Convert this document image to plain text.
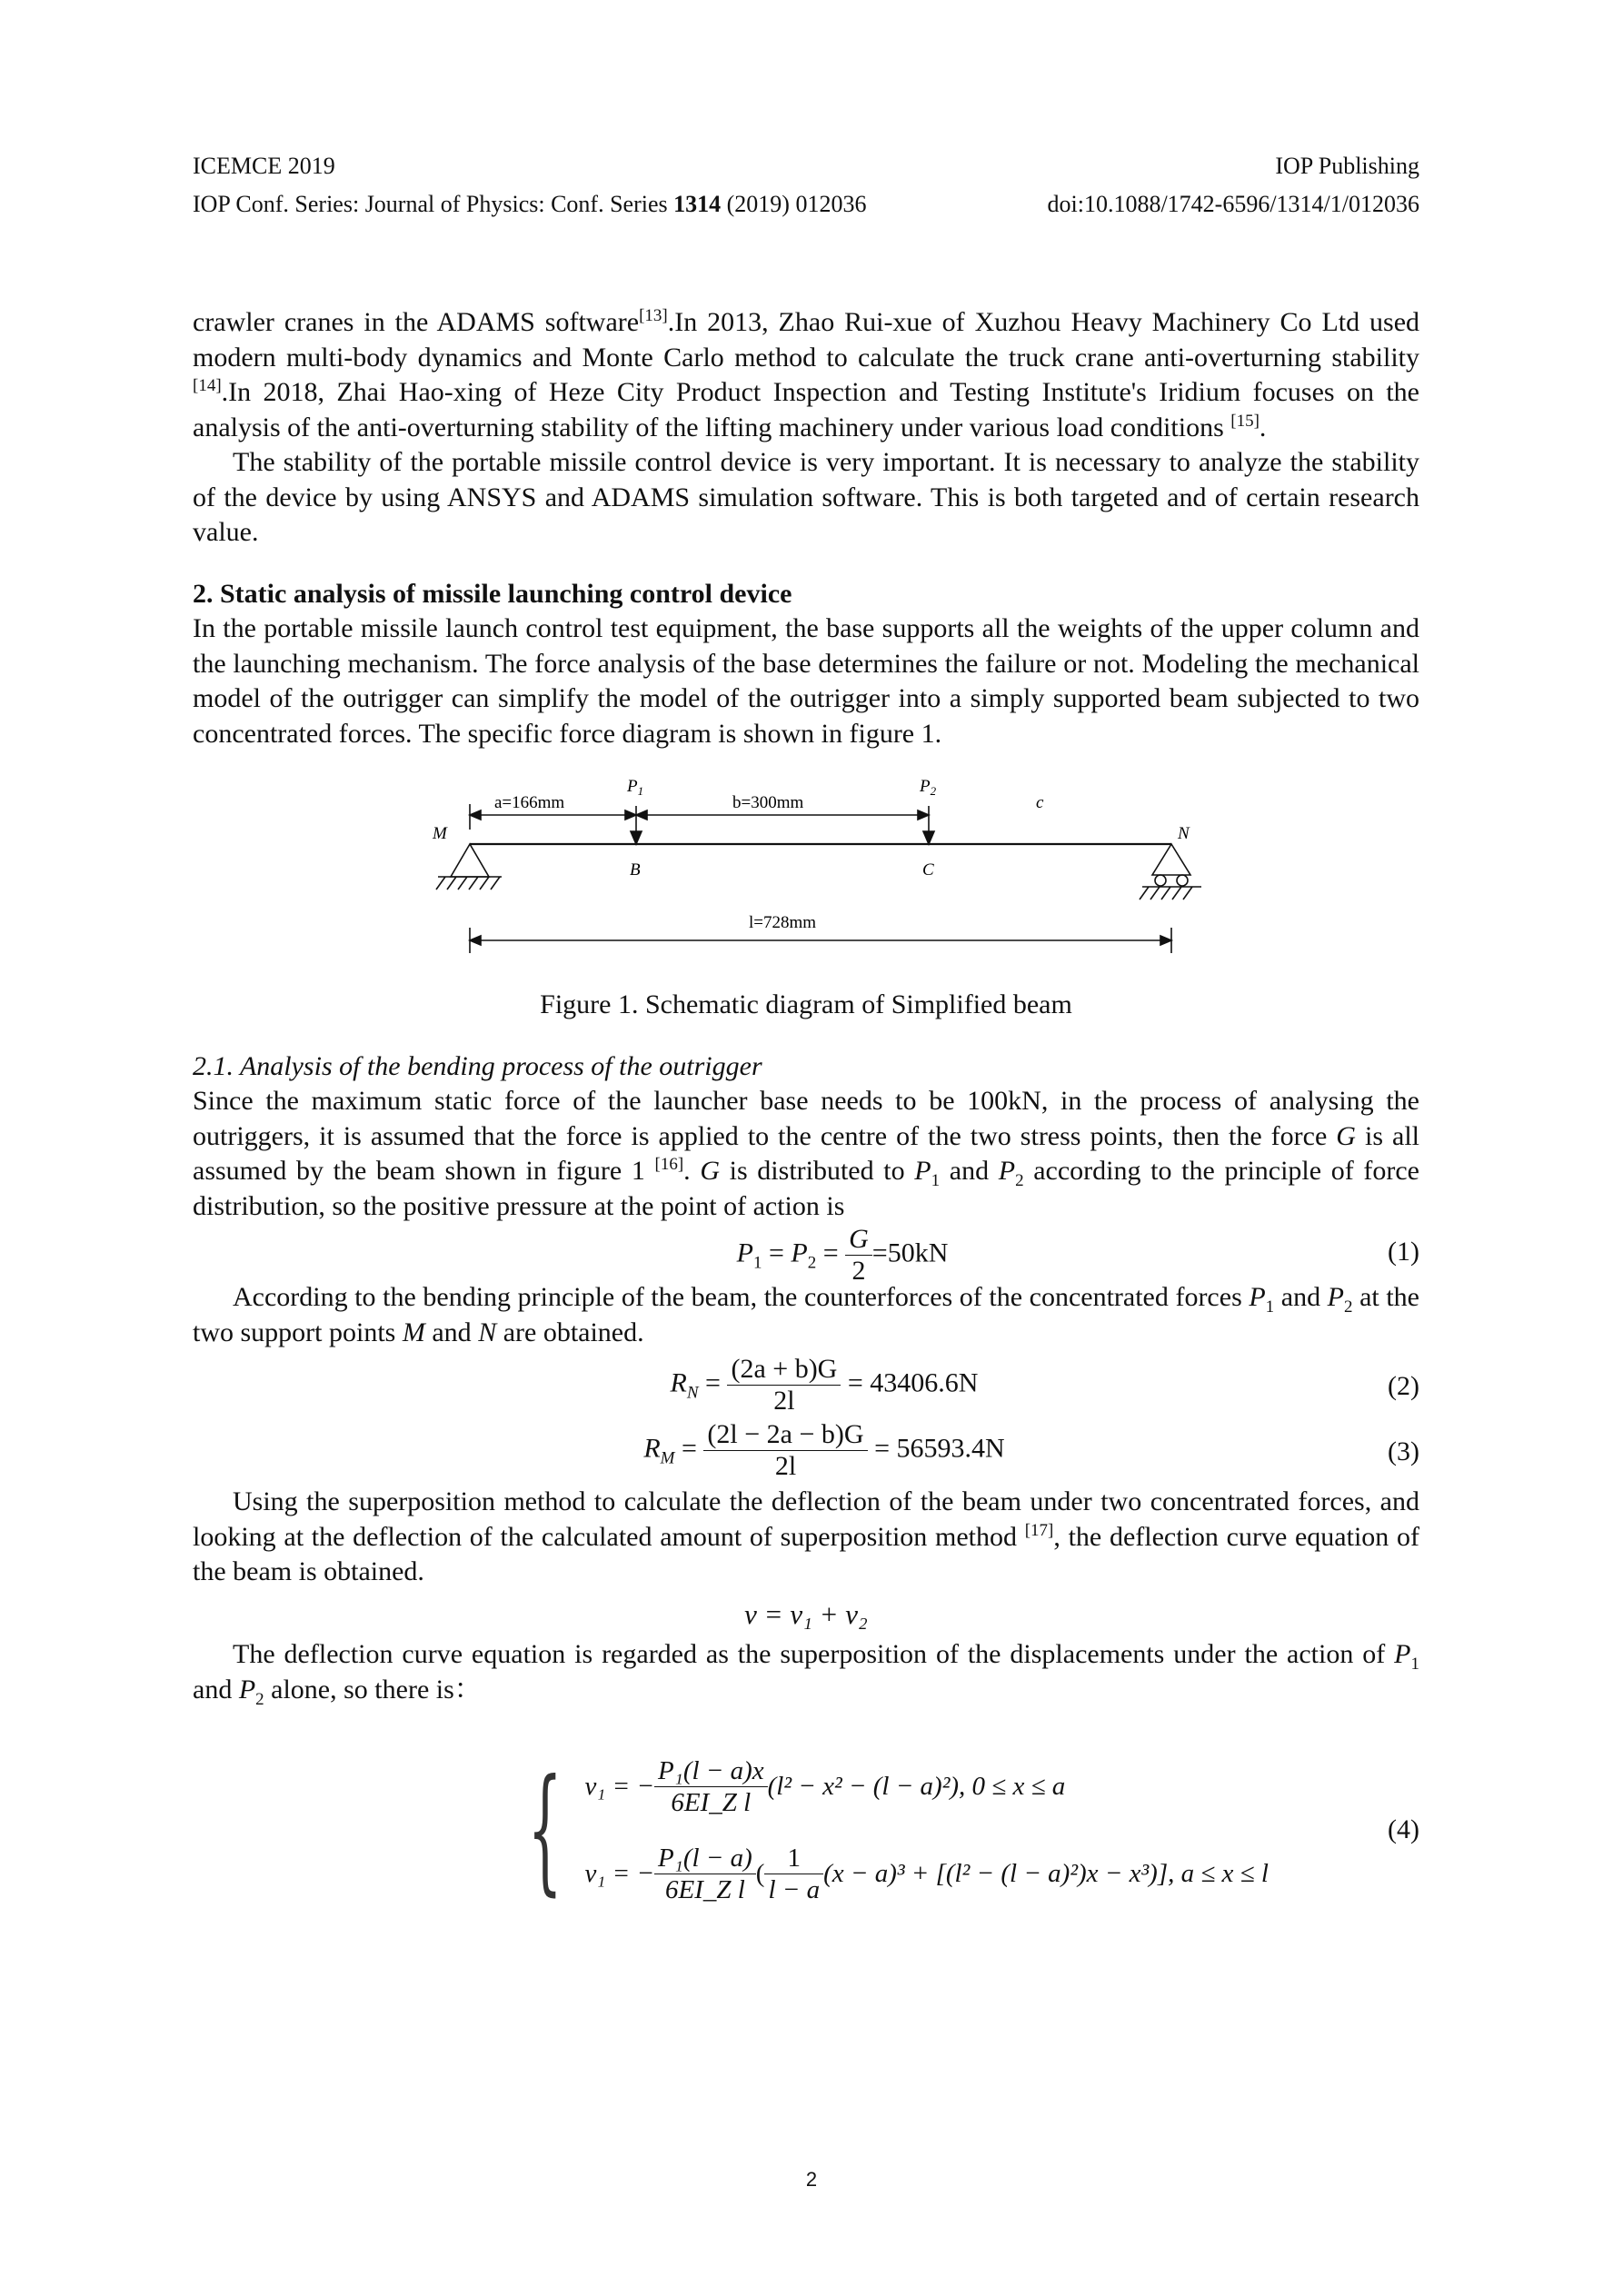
ICEMCE 2019	IOP Publishing
IOP Conf. Series: Journal of Physics: Conf. Series 1314 (2019) 012036	doi:10.1088/1742-6596/1314/1/012036

crawler cranes in the ADAMS software[13].In 2013, Zhao Rui-xue of Xuzhou Heavy Machinery Co Ltd used modern multi-body dynamics and Monte Carlo method to calculate the truck crane anti-overturning stability [14].In 2018, Zhai Hao-xing of Heze City Product Inspection and Testing Institute's Iridium focuses on the analysis of the anti-overturning stability of the lifting machinery under various load conditions [15].

The stability of the portable missile control device is very important. It is necessary to analyze the stability of the device by using ANSYS and ADAMS simulation software. This is both targeted and of certain research value.

2. Static analysis of missile launching control device

In the portable missile launch control test equipment, the base supports all the weights of the upper column and the launching mechanism. The force analysis of the base determines the failure or not. Modeling the mechanical model of the outrigger can simplify the model of the outrigger into a simply supported beam subjected to two concentrated forces. The specific force diagram is shown in figure 1.

a=166mm	b=300mm	c
$P_1$	$P_2$
M	N
B	C
l=728mm

Figure 1. Schematic diagram of Simplified beam

2.1. Analysis of the bending process of the outrigger

Since the maximum static force of the launcher base needs to be 100kN, in the process of analysing the outriggers, it is assumed that the force is applied to the centre of the two stress points, then the force G is all assumed by the beam shown in figure 1 [16]. G is distributed to $P_1$ and $P_2$ according to the principle of force distribution, so the positive pressure at the point of action is

$P_1 = P_2 = \frac{G}{2} =50kN$	(1)

According to the bending principle of the beam, the counterforces of the concentrated forces $P_1$ and $P_2$ at the two support points M and N are obtained.

$R_N = \frac{(2a + b)G}{2l} = 43406.6N$	(2)
$R_M = \frac{(2l - 2a - b)G}{2l} = 56593.4N$	(3)

Using the superposition method to calculate the deflection of the beam under two concentrated forces, and looking at the deflection of the calculated amount of superposition method [17], the deflection curve equation of the beam is obtained.

v = v₁ + v₂

The deflection curve equation is regarded as the superposition of the displacements under the action of $P_1$ and $P_2$ alone, so there is：

{ v₁ = − $\frac{\text{P₁(l − a)x}}{\text{6EI\_Z l}} (l^2 - x^2 - (l - a)^2)$, 0 ≤ x ≤ a
v₁ = − $\frac{\text{P₁(l − a)}}{\text{6EI\_Z l}}$ ( $\frac{1}{l - a} (x - a)^3 + [(l^2 - (l - a)^2)x - x^3)$], a ≤ x ≤ l
(4)
2
